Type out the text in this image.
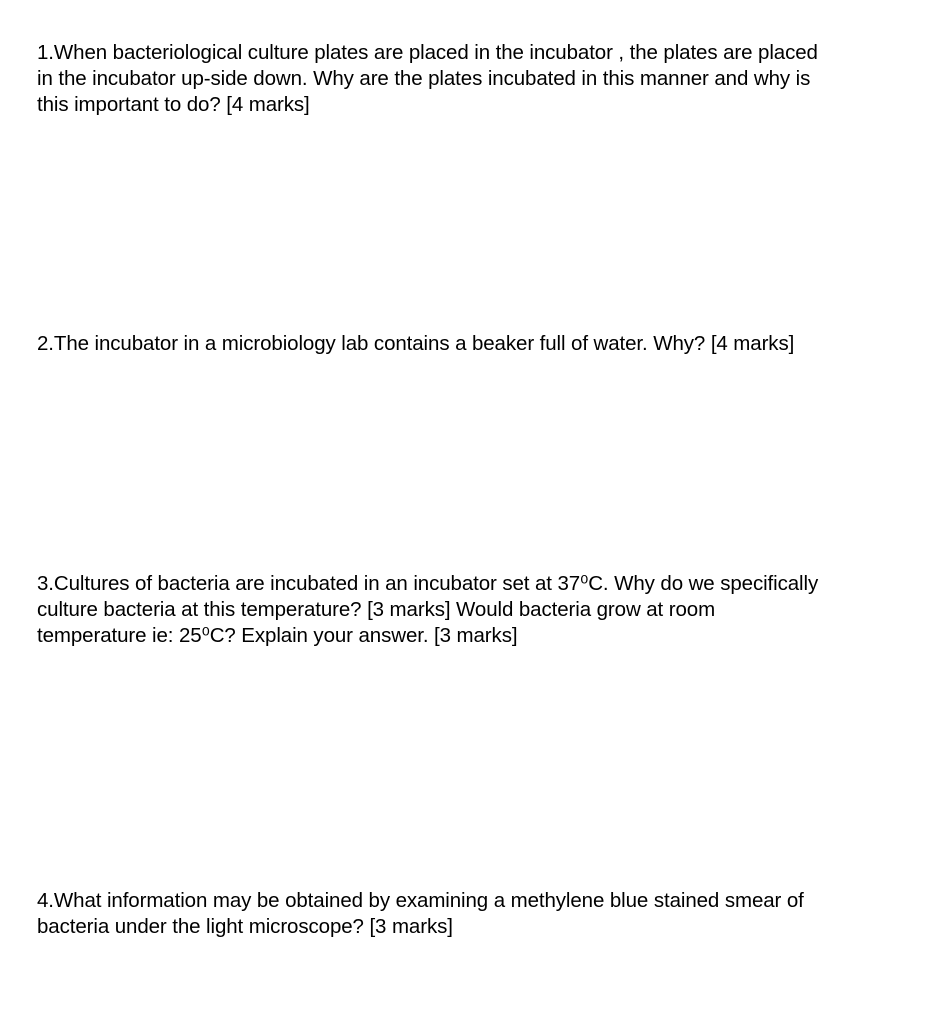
1.When bacteriological culture plates are placed in the incubator , the plates are placed
in the incubator up-side down. Why are the plates incubated in this manner and why is
this important to do? [4 marks]
2.The incubator in a microbiology lab contains a beaker full of water. Why? [4 marks]
3.Cultures of bacteria are incubated in an incubator set at 37⁰C. Why do we specifically
culture bacteria at this temperature? [3 marks] Would bacteria grow at room
temperature ie: 25⁰C? Explain your answer. [3 marks]
4.What information may be obtained by examining a methylene blue stained smear of
bacteria under the light microscope? [3 marks]
